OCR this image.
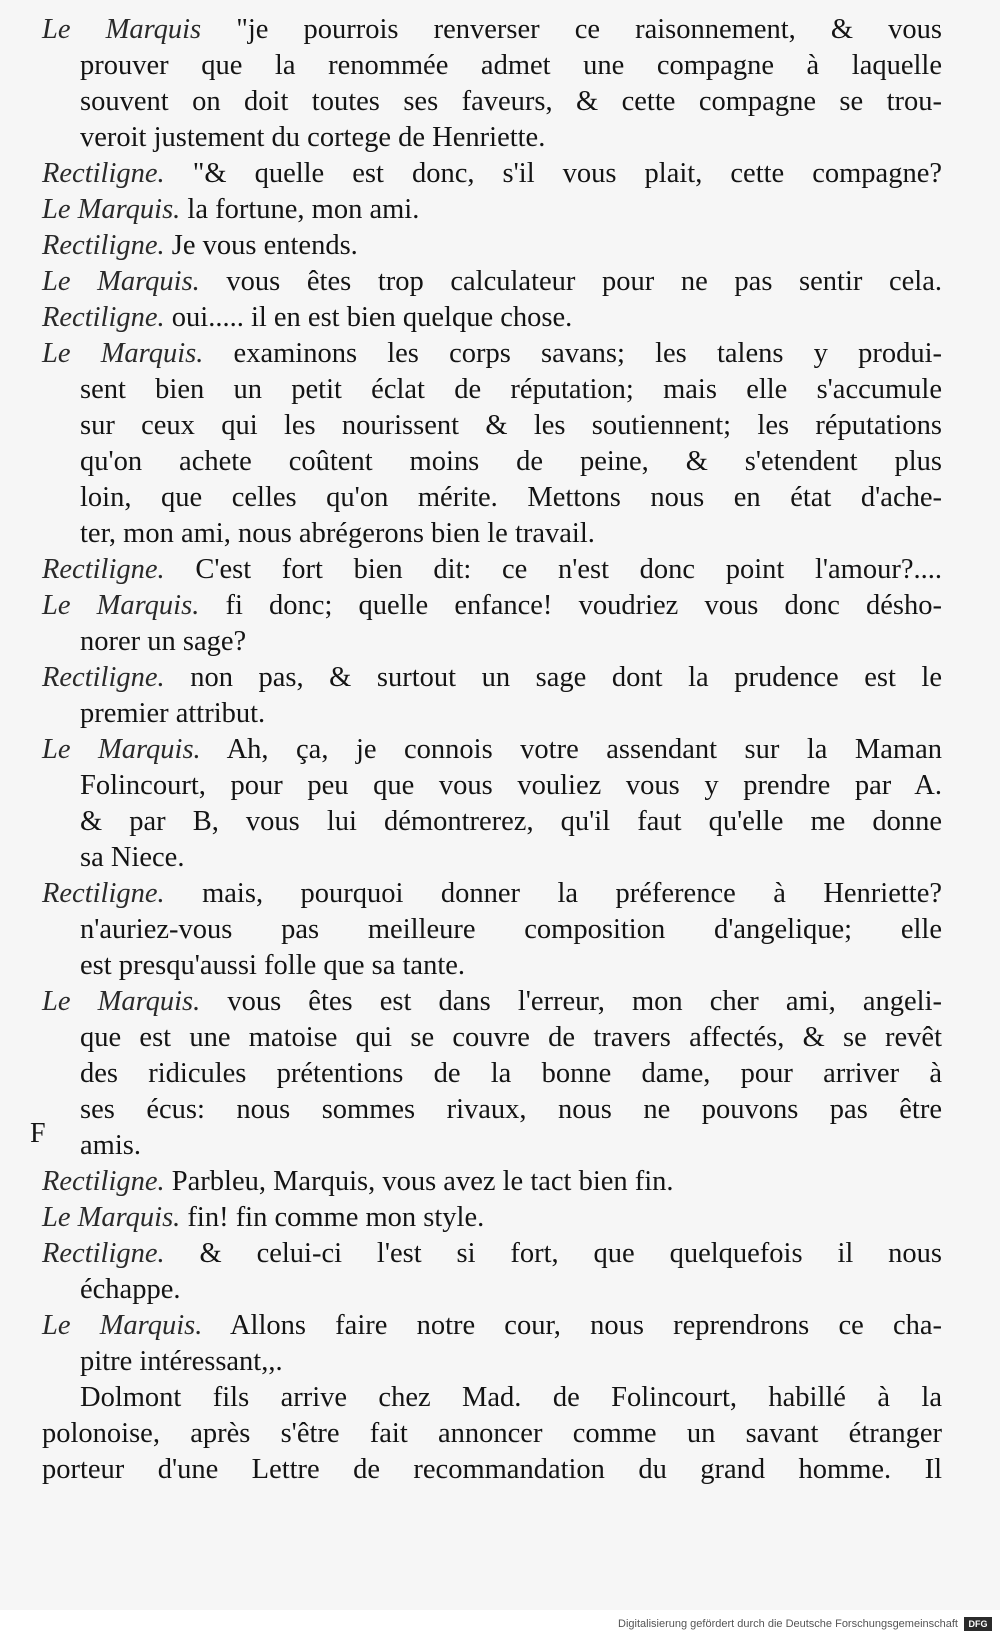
Le Marquis "je pourrois renverser ce raisonnement, & vous
prouver que la renommée admet une compagne à laquelle
souvent on doit toutes ses faveurs, & cette compagne se trou-
veroit justement du cortege de Henriette.
Rectiligne. "& quelle est donc, s'il vous plait, cette compagne?
Le Marquis. la fortune, mon ami.
Rectiligne. Je vous entends.
Le Marquis. vous êtes trop calculateur pour ne pas sentir cela.
Rectiligne. oui..... il en est bien quelque chose.
Le Marquis. examinons les corps savans; les talens y produi-
sent bien un petit éclat de réputation; mais elle s'accumule
sur ceux qui les nourissent & les soutiennent; les réputations
qu'on achete coûtent moins de peine, & s'etendent plus
loin, que celles qu'on mérite. Mettons nous en état d'ache-
ter, mon ami, nous abrégerons bien le travail.
Rectiligne. C'est fort bien dit: ce n'est donc point l'amour?....
Le Marquis. fi donc; quelle enfance! voudriez vous donc désho-
norer un sage?
Rectiligne. non pas, & surtout un sage dont la prudence est le
premier attribut.
Le Marquis. Ah, ça, je connois votre assendant sur la Maman
Folincourt, pour peu que vous vouliez vous y prendre par A.
& par B, vous lui démontrerez, qu'il faut qu'elle me donne
sa Niece.
Rectiligne. mais, pourquoi donner la préference à Henriette?
n'auriez-vous pas meilleure composition d'angelique; elle
est presqu'aussi folle que sa tante.
Le Marquis. vous êtes est dans l'erreur, mon cher ami, angeli-
que est une matoise qui se couvre de travers affectés, & se revêt
des ridicules prétentions de la bonne dame, pour arriver à
ses écus: nous sommes rivaux, nous ne pouvons pas être
amis.
Rectiligne. Parbleu, Marquis, vous avez le tact bien fin.
Le Marquis. fin! fin comme mon style.
Rectiligne. & celui-ci l'est si fort, que quelquefois il nous
échappe.
Le Marquis. Allons faire notre cour, nous reprendrons ce cha-
pitre intéressant,,.
Dolmont fils arrive chez Mad. de Folincourt, habillé à la
polonoise, après s'être fait annoncer comme un savant étranger
porteur d'une Lettre de recommandation du grand homme. Il
F
Digitalisierung gefördert durch die Deutsche Forschungsgemeinschaft	DFG
